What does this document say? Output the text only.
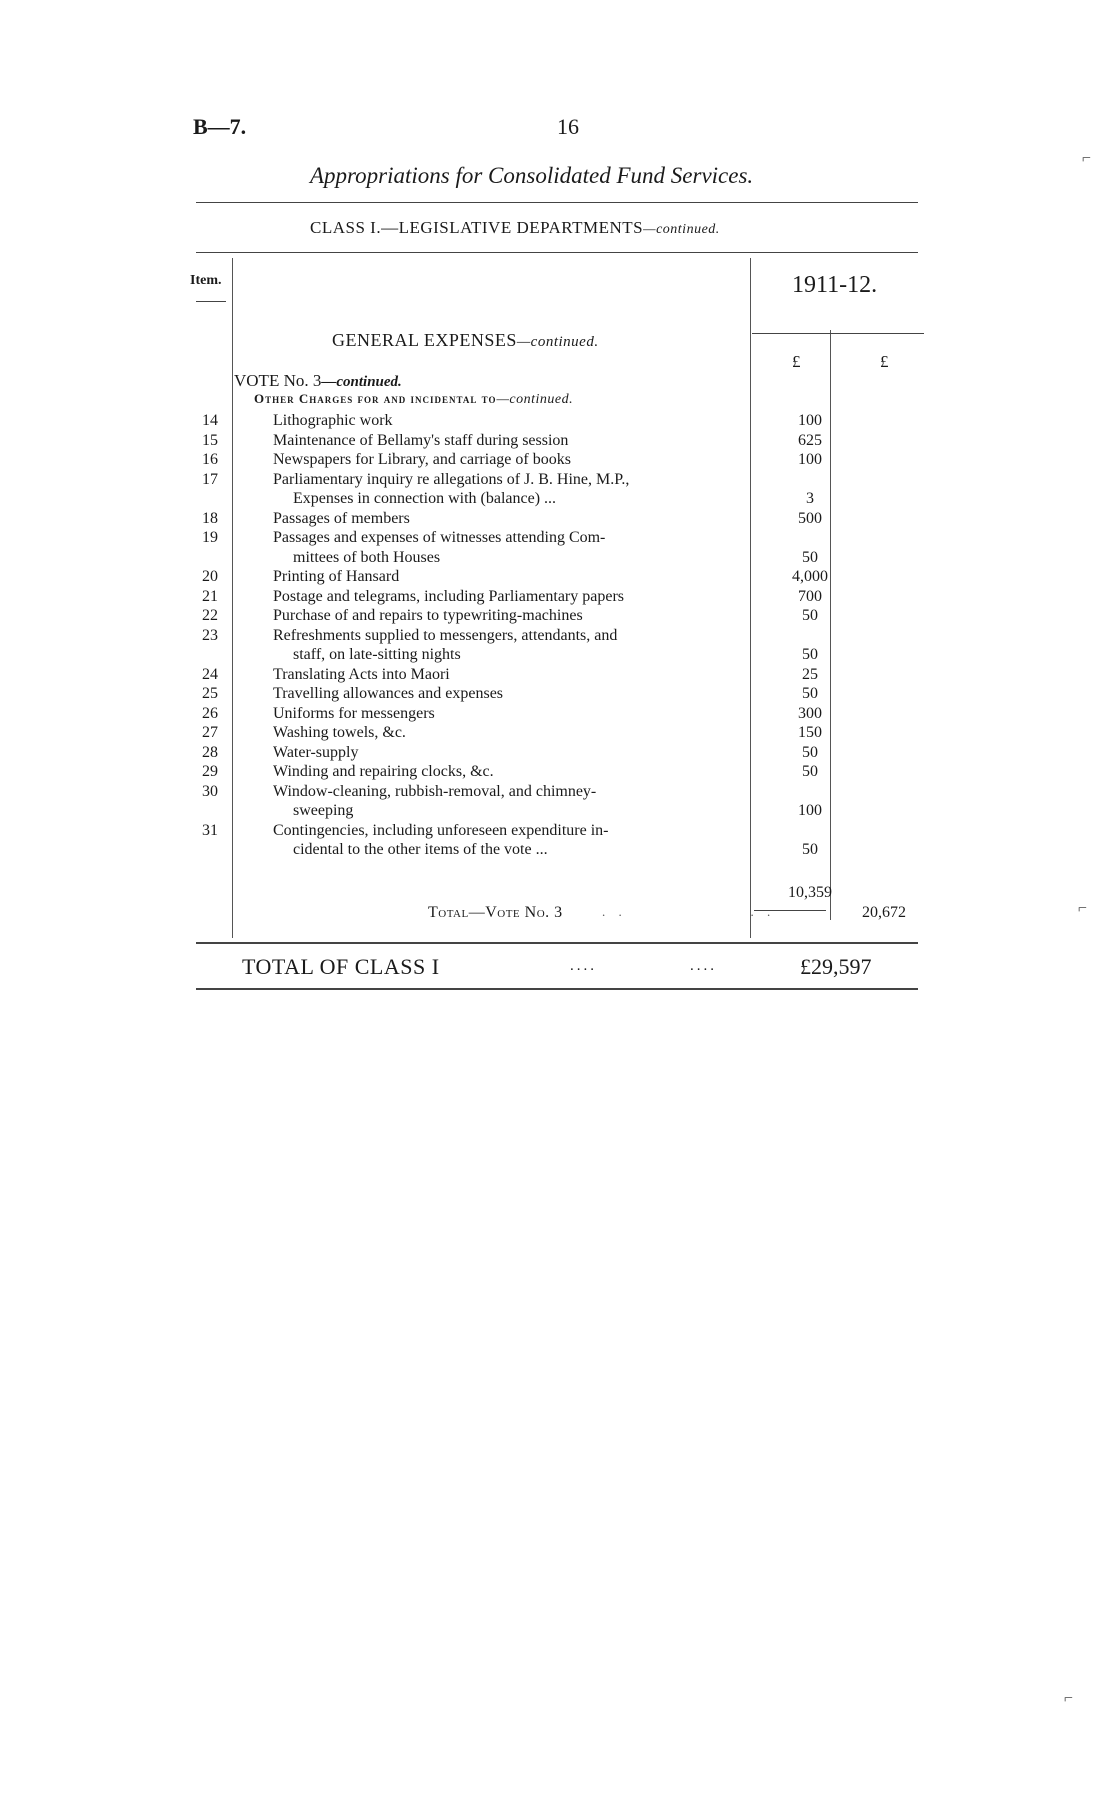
B—7.	16
Appropriations for Consolidated Fund Services.
CLASS I.—LEGISLATIVE DEPARTMENTS—continued.
Item.	1911-12.
GENERAL EXPENSES—continued.
£	£
VOTE No. 3—continued.
Other Charges for and incidental to—continued.
14	Lithographic work	100
15	Maintenance of Bellamy's staff during session	625
16	Newspapers for Library, and carriage of books	100
17	Parliamentary inquiry re allegations of J. B. Hine, M.P.,
Expenses in connection with (balance) ...	3
18	Passages of members	500
19	Passages and expenses of witnesses attending Com-
mittees of both Houses	50
20	Printing of Hansard	4,000
21	Postage and telegrams, including Parliamentary papers	700
22	Purchase of and repairs to typewriting-machines	50
23	Refreshments supplied to messengers, attendants, and
staff, on late-sitting nights	50
24	Translating Acts into Maori	25
25	Travelling allowances and expenses	50
26	Uniforms for messengers	300
27	Washing towels, &c.	150
28	Water-supply	50
29	Winding and repairing clocks, &c.	50
30	Window-cleaning, rubbish-removal, and chimney-
sweeping	100
31	Contingencies, including unforeseen expenditure in-
cidental to the other items of the vote ...	50
10,359
Total—Vote No. 3	. .               . .	20,672
TOTAL OF CLASS I	....	....	£29,597
⌐
⌐
⌐
